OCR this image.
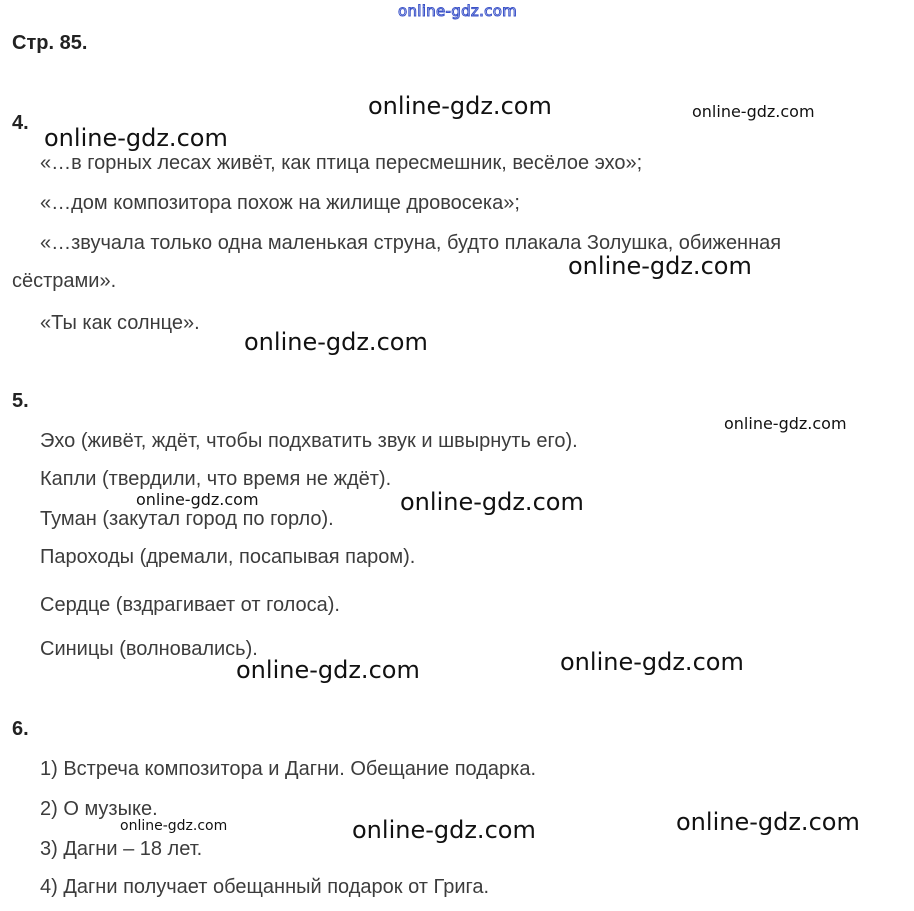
online-gdz.com
Стр. 85.
4.
«…в горных лесах живёт, как птица пересмешник, весёлое эхо»;
«…дом композитора похож на жилище дровосека»;
«…звучала только одна маленькая струна, будто плакала Золушка, обиженная
сёстрами».
«Ты как солнце».
5.
Эхо (живёт, ждёт, чтобы подхватить звук и швырнуть его).
Капли (твердили, что время не ждёт).
Туман (закутал город по горло).
Пароходы (дремали, посапывая паром).
Сердце (вздрагивает от голоса).
Синицы (волновались).
6.
1) Встреча композитора и Дагни. Обещание подарка.
2) О музыке.
3) Дагни – 18 лет.
4) Дагни получает обещанный подарок от Грига.
online-gdz.com	online-gdz.com
online-gdz.com
online-gdz.com
online-gdz.com
online-gdz.com
online-gdz.com	online-gdz.com
online-gdz.com
online-gdz.com
online-gdz.com	online-gdz.com	online-gdz.com
